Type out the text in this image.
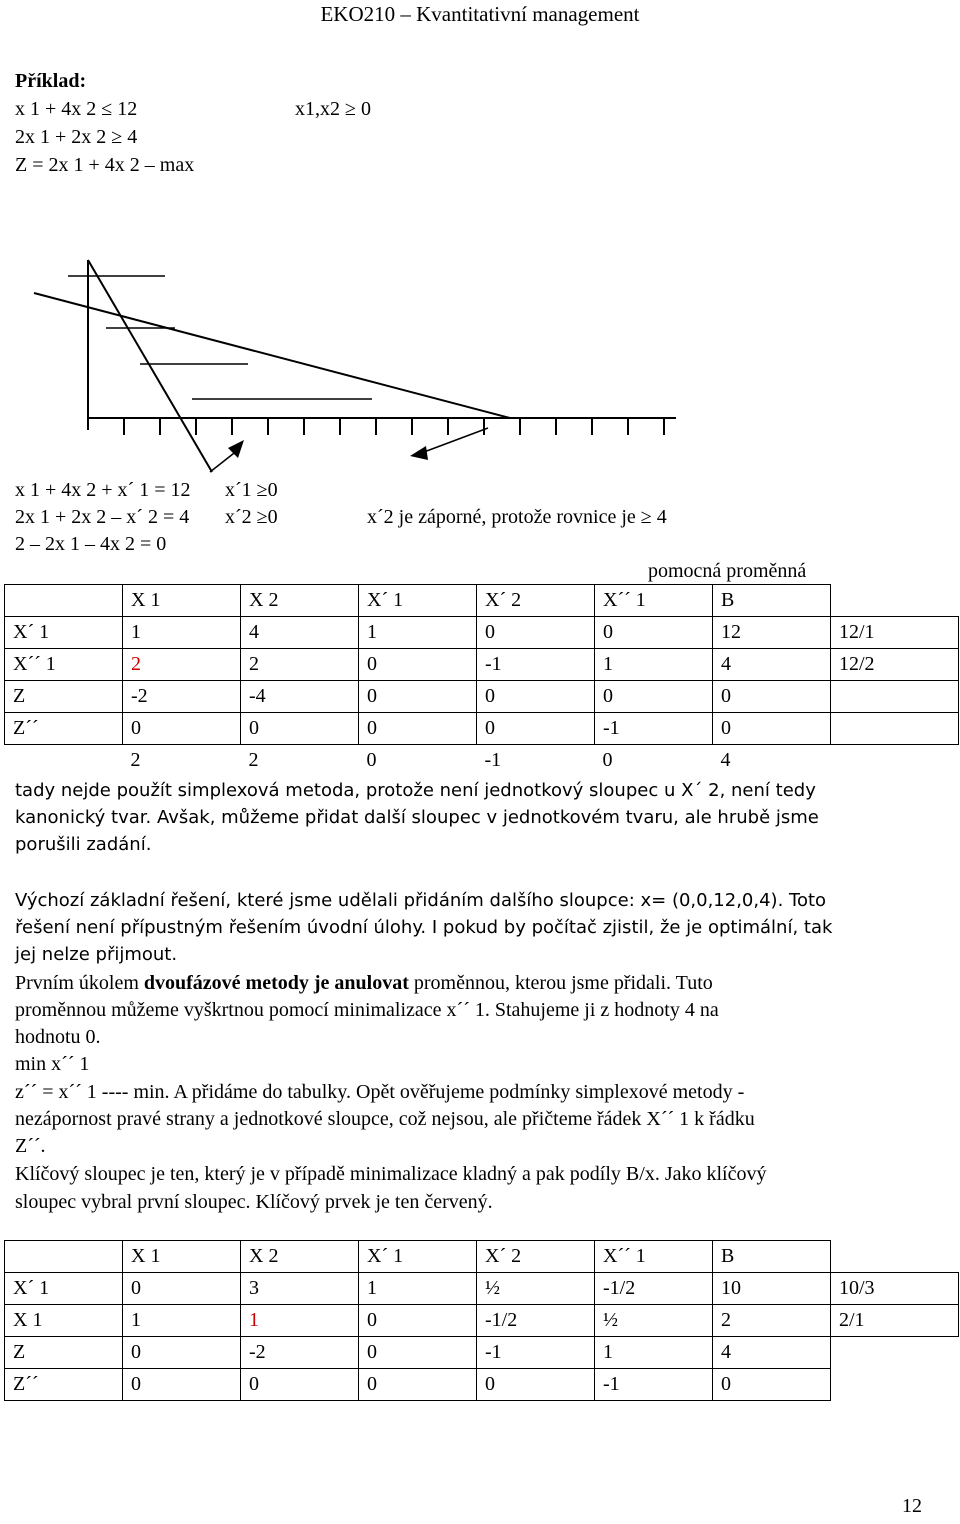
EKO210 – Kvantitativní management
Příklad:
x 1 + 4x 2 ≤ 12	x1,x2 ≥ 0
2x 1 + 2x 2 ≥ 4
Z = 2x 1 + 4x 2 – max
x 1 + 4x 2 + x´ 1 = 12 x´1 ≥0
2x 1 + 2x 2 – x´ 2 = 4 x´2 ≥0	x´2 je záporné, protože rovnice je ≥ 4
2 – 2x 1 – 4x 2 = 0
pomocná proměnná
	X 1	X 2	X´ 1	X´ 2	X´´ 1	B	
X´ 1	1	4	1	0	0	12	12/1
X´´ 1	2	2	0	-1	1	4	12/2
Z	-2	-4	0	0	0	0	
Z´´	0	0	0	0	-1	0	
	2	2	0	-1	0	4	
tady nejde použít simplexová metoda, protože není jednotkový sloupec u X´ 2, není tedy
kanonický tvar. Avšak, můžeme přidat další sloupec v jednotkovém tvaru, ale hrubě jsme
porušili zadání.
Výchozí základní řešení, které jsme udělali přidáním dalšího sloupce: x= (0,0,12,0,4). Toto
řešení není přípustným řešením úvodní úlohy. I pokud by počítač zjistil, že je optimální, tak
jej nelze přijmout.
Prvním úkolem dvoufázové metody je anulovat proměnnou, kterou jsme přidali. Tuto
proměnnou můžeme vyškrtnou pomocí minimalizace x´´ 1. Stahujeme ji z hodnoty 4 na
hodnotu 0.
min x´´ 1
z´´ = x´´ 1 ---- min. A přidáme do tabulky. Opět ověřujeme podmínky simplexové metody -
nezápornost pravé strany a jednotkové sloupce, což nejsou, ale přičteme řádek X´´ 1 k řádku
Z´´.
Klíčový sloupec je ten, který je v případě minimalizace kladný a pak podíly B/x. Jako klíčový
sloupec vybral první sloupec. Klíčový prvek je ten červený.
	X 1	X 2	X´ 1	X´ 2	X´´ 1	B	
X´ 1	0	3	1	½	-1/2	10	10/3
X 1	1	1	0	-1/2	½	2	2/1
Z	0	-2	0	-1	1	4	
Z´´	0	0	0	0	-1	0	
12
